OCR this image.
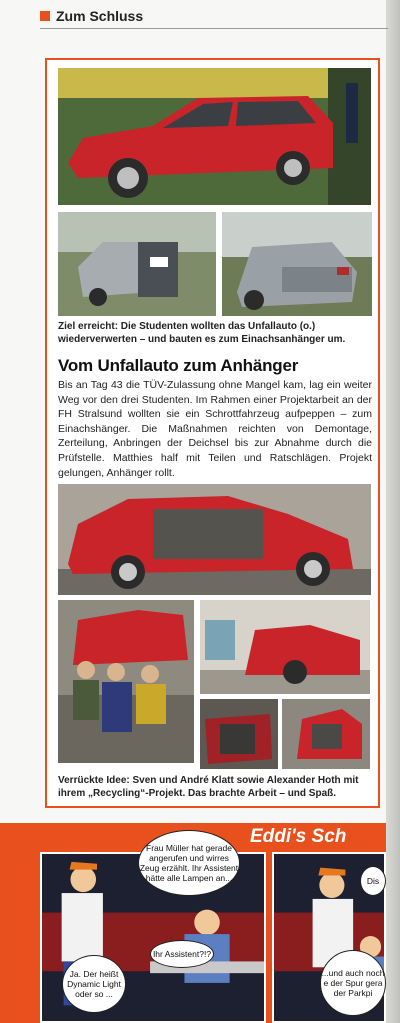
Zum Schluss
Ziel erreicht: Die Studenten wollten das Unfallauto (o.) wiederverwerten – und bauten es zum Einachsanhänger um.
Vom Unfallauto zum Anhänger
Bis an Tag 43 die TÜV-Zulassung ohne Mangel kam, lag ein weiter Weg vor den drei Studenten. Im Rahmen einer Projektarbeit an der FH Stralsund wollten sie ein Schrottfahrzeug aufpeppen – zum Einachshänger. Die Maßnahmen reichten von Demontage, Zerteilung, Anbringen der Deichsel bis zur Abnahme durch die Prüfstelle. Matthies half mit Teilen und Ratschlägen. Projekt gelungen, Anhänger rollt.
Verrückte Idee: Sven und André Klatt sowie Alexander Hoth mit ihrem „Recycling“-Projekt. Das brachte Arbeit – und Spaß.
Eddi's Sch
Frau Müller hat gerade angerufen und wirres Zeug erzählt. Ihr Assistent hätte alle Lampen an...
Ihr Assistent?!?
Ja. Der heißt Dynamic Light oder so ...
Dis
...und auch noch e der Spur gera der Parkpi
